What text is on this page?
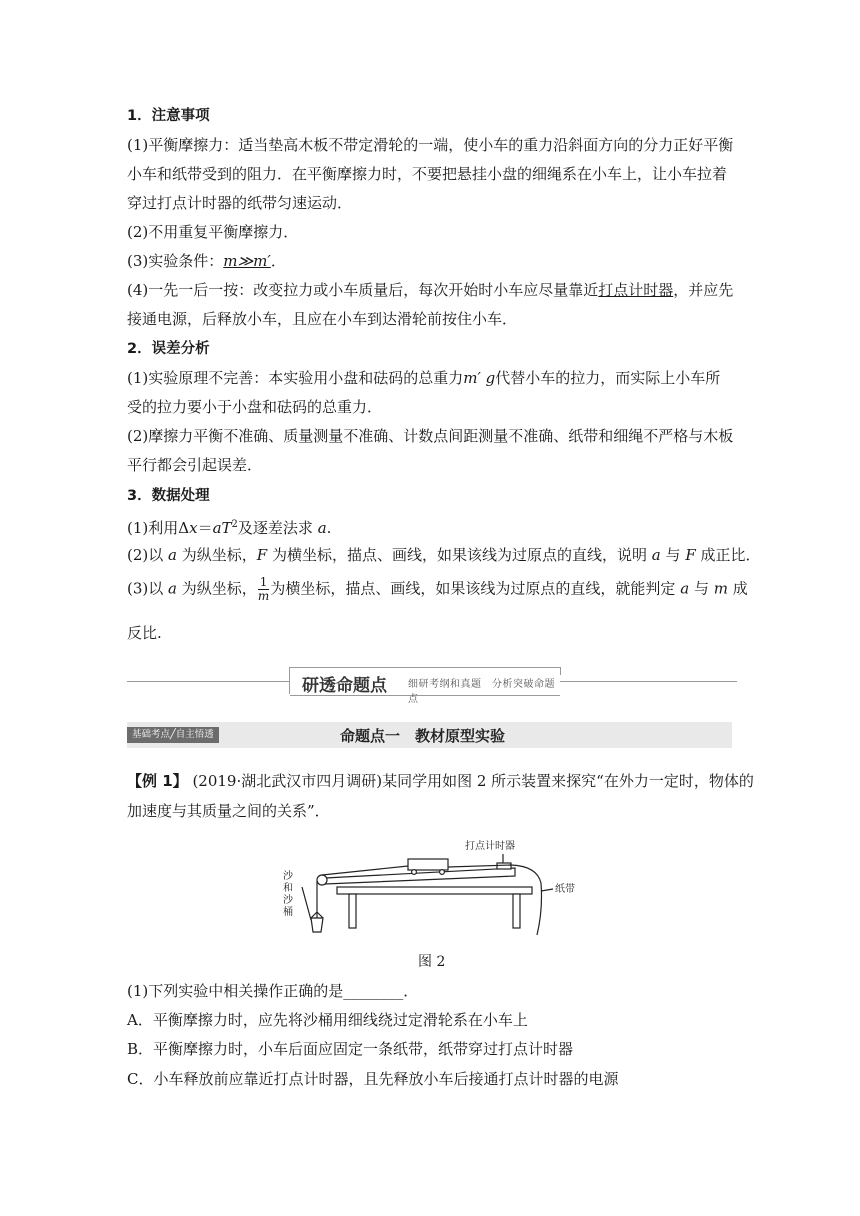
1．注意事项
(1)平衡摩擦力：适当垫高木板不带定滑轮的一端，使小车的重力沿斜面方向的分力正好平衡
小车和纸带受到的阻力．在平衡摩擦力时，不要把悬挂小盘的细绳系在小车上，让小车拉着
穿过打点计时器的纸带匀速运动．
(2)不用重复平衡摩擦力．
(3)实验条件：m≫m′．
(4)一先一后一按：改变拉力或小车质量后，每次开始时小车应尽量靠近打点计时器，并应先
接通电源，后释放小车，且应在小车到达滑轮前按住小车．
2．误差分析
(1)实验原理不完善：本实验用小盘和砝码的总重力m′ g代替小车的拉力，而实际上小车所
受的拉力要小于小盘和砝码的总重力．
(2)摩擦力平衡不准确、质量测量不准确、计数点间距测量不准确、纸带和细绳不严格与木板
平行都会引起误差．
3．数据处理
(1)利用$\Delta x=aT^2$及逐差法求 a.
(2)以 a 为纵坐标，F 为横坐标，描点、画线，如果该线为过原点的直线，说明 a 与 F 成正比．
(3)以 a 为纵坐标， $\frac{1}{m}$ 为横坐标，描点、画线，如果该线为过原点的直线，就能判定 a 与 m 成
反比.
研透命题点 细研考纲和真题　分析突破命题点
基础考点╱自主悟透	命题点一　教材原型实验
【例 1】 (2019·湖北武汉市四月调研)某同学用如图 2 所示装置来探究“在外力一定时，物体的
加速度与其质量之间的关系”．
打点计时器
沙
和
沙
桶
纸带
图 2
(1)下列实验中相关操作正确的是________．
A．平衡摩擦力时，应先将沙桶用细线绕过定滑轮系在小车上
B．平衡摩擦力时，小车后面应固定一条纸带，纸带穿过打点计时器
C．小车释放前应靠近打点计时器，且先释放小车后接通打点计时器的电源
